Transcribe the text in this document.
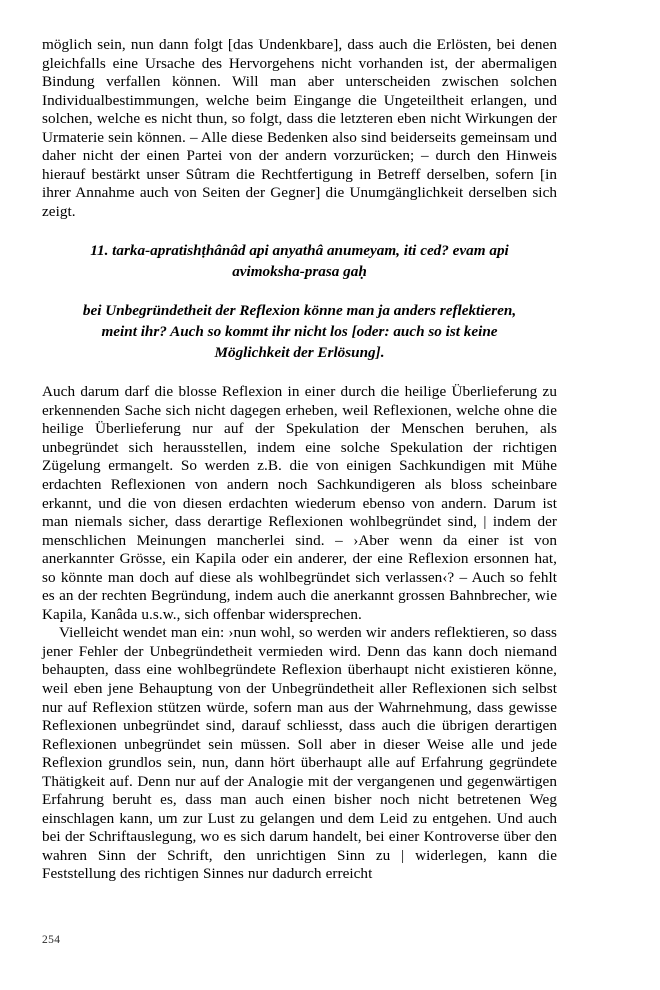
möglich sein, nun dann folgt [das Undenkbare], dass auch die Erlösten, bei denen gleichfalls eine Ursache des Hervorgehens nicht vorhanden ist, der abermaligen Bindung verfallen können. Will man aber unterscheiden zwischen solchen Individualbestimmungen, welche beim Eingange die Ungeteiltheit erlangen, und solchen, welche es nicht thun, so folgt, dass die letzteren eben nicht Wirkungen der Urmaterie sein können. – Alle diese Bedenken also sind beiderseits gemeinsam und daher nicht der einen Partei von der andern vorzurücken; – durch den Hinweis hierauf bestärkt unser Sûtram die Rechtfertigung in Betreff derselben, sofern [in ihrer Annahme auch von Seiten der Gegner] die Unumgänglichkeit derselben sich zeigt.

11. tarka-apratishṭhânâd api anyathâ anumeyam, iti ced? evam api
avimoksha-prasa gaḥ
bei Unbegründetheit der Reflexion könne man ja anders reflektieren,
meint ihr? Auch so kommt ihr nicht los [oder: auch so ist keine
Möglichkeit der Erlösung].

Auch darum darf die blosse Reflexion in einer durch die heilige Überlieferung zu erkennenden Sache sich nicht dagegen erheben, weil Reflexionen, welche ohne die heilige Überlieferung nur auf der Spekulation der Menschen beruhen, als unbegründet sich herausstellen, indem eine solche Spekulation der richtigen Zügelung ermangelt. So werden z.B. die von einigen Sachkundigen mit Mühe erdachten Reflexionen von andern noch Sachkundigeren als bloss scheinbare erkannt, und die von diesen erdachten wiederum ebenso von andern. Darum ist man niemals sicher, dass derartige Reflexionen wohlbegründet sind, | indem der menschlichen Meinungen mancherlei sind. – ›Aber wenn da einer ist von anerkannter Grösse, ein Kapila oder ein anderer, der eine Reflexion ersonnen hat, so könnte man doch auf diese als wohlbegründet sich verlassen‹? – Auch so fehlt es an der rechten Begründung, indem auch die anerkannt grossen Bahnbrecher, wie Kapila, Kanâda u.s.w., sich offenbar widersprechen.

Vielleicht wendet man ein: ›nun wohl, so werden wir anders reflektieren, so dass jener Fehler der Unbegründetheit vermieden wird. Denn das kann doch niemand behaupten, dass eine wohlbegründete Reflexion überhaupt nicht existieren könne, weil eben jene Behauptung von der Unbegründetheit aller Reflexionen sich selbst nur auf Reflexion stützen würde, sofern man aus der Wahrnehmung, dass gewisse Reflexionen unbegründet sind, darauf schliesst, dass auch die übrigen derartigen Reflexionen unbegründet sein müssen. Soll aber in dieser Weise alle und jede Reflexion grundlos sein, nun, dann hört überhaupt alle auf Erfahrung gegründete Thätigkeit auf. Denn nur auf der Analogie mit der vergangenen und gegenwärtigen Erfahrung beruht es, dass man auch einen bisher noch nicht betretenen Weg einschlagen kann, um zur Lust zu gelangen und dem Leid zu entgehen. Und auch bei der Schriftauslegung, wo es sich darum handelt, bei einer Kontroverse über den wahren Sinn der Schrift, den unrichtigen Sinn zu | widerlegen, kann die Feststellung des richtigen Sinnes nur dadurch erreicht

254
